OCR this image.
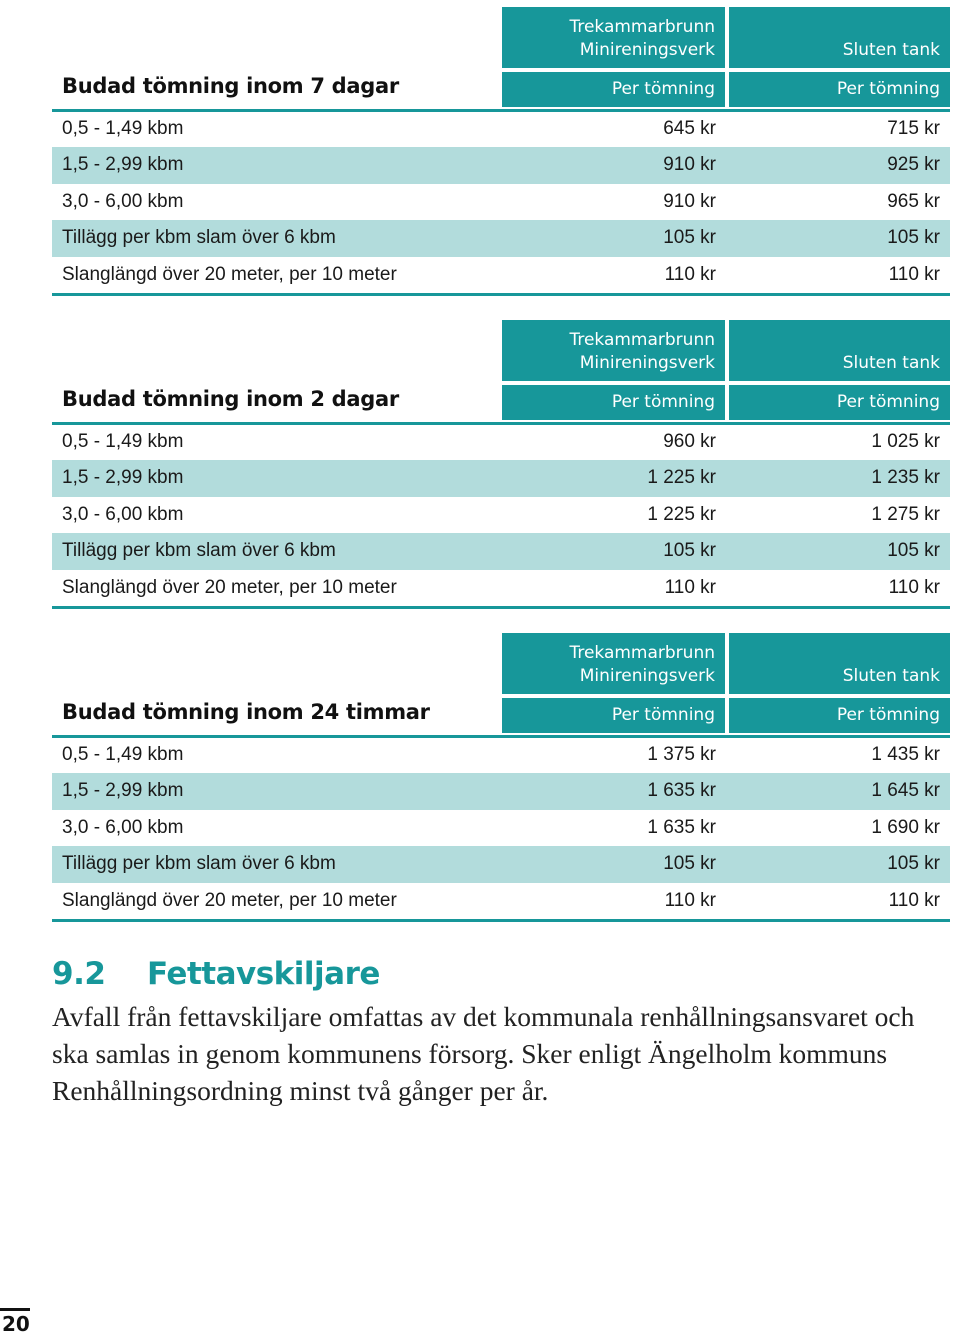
Trekammarbrunn
Minireningsverk	Sluten tank
Budad tömning inom 7 dagar	Per tömning	Per tömning
0,5 - 1,49 kbm	645 kr	715 kr
1,5 - 2,99 kbm	910 kr	925 kr
3,0 - 6,00 kbm	910 kr	965 kr
Tillägg per kbm slam över 6 kbm	105 kr	105 kr
Slanglängd över 20 meter, per 10 meter	110 kr	110 kr
Trekammarbrunn
Minireningsverk	Sluten tank
Budad tömning inom 2 dagar	Per tömning	Per tömning
0,5 - 1,49 kbm	960 kr	1 025 kr
1,5 - 2,99 kbm	1 225 kr	1 235 kr
3,0 - 6,00 kbm	1 225 kr	1 275 kr
Tillägg per kbm slam över 6 kbm	105 kr	105 kr
Slanglängd över 20 meter, per 10 meter	110 kr	110 kr
Trekammarbrunn
Minireningsverk	Sluten tank
Budad tömning inom 24 timmar	Per tömning	Per tömning
0,5 - 1,49 kbm	1 375 kr	1 435 kr
1,5 - 2,99 kbm	1 635 kr	1 645 kr
3,0 - 6,00 kbm	1 635 kr	1 690 kr
Tillägg per kbm slam över 6 kbm	105 kr	105 kr
Slanglängd över 20 meter, per 10 meter	110 kr	110 kr
9.2 Fettavskiljare

Avfall från fettavskiljare omfattas av det kommunala renhållningsansvaret och ska samlas in genom kommunens försorg. Sker enligt Ängelholm kommuns Renhållningsordning minst två gånger per år.

20
